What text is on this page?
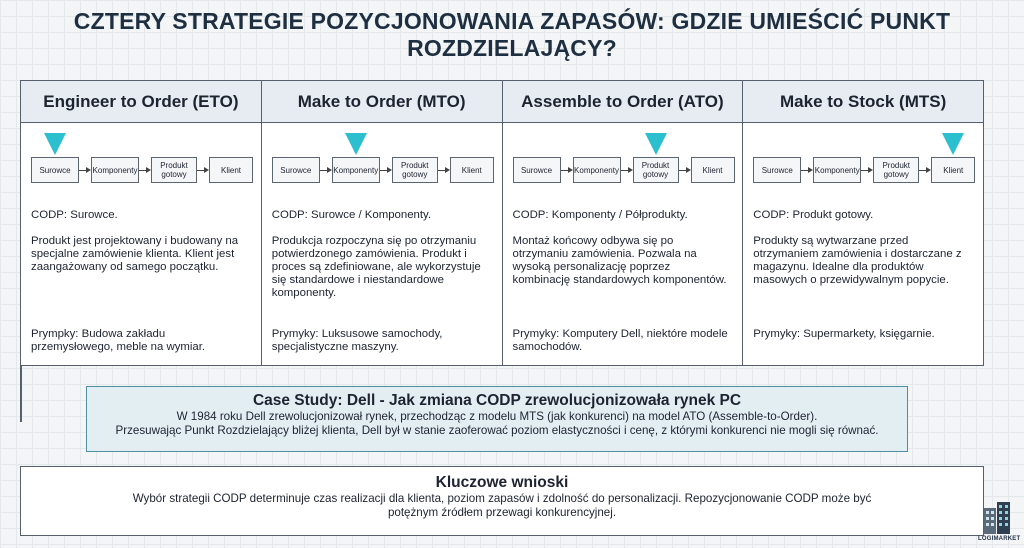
CZTERY STRATEGIE POZYCJONOWANIA ZAPASÓW: GDZIE UMIEŚCIĆ PUNKT ROZDZIELAJĄCY?
Engineer to Order (ETO)
Surowce	Komponenty	Produkt gotowy	Klient
CODP: Surowce.
Produkt jest projektowany i budowany na specjalne zamówienie klienta. Klient jest zaangażowany od samego początku.
Prympky: Budowa zakładu przemysłowego, meble na wymiar.
Make to Order (MTO)
Surowce	Komponenty	Produkt gotowy	Klient
CODP: Surowce / Komponenty.
Produkcja rozpoczyna się po otrzymaniu potwierdzonego zamówienia. Produkt i proces są zdefiniowane, ale wykorzystuje się standardowe i niestandardowe komponenty.
Prymyky: Luksusowe samochody, specjalistyczne maszyny.
Assemble to Order (ATO)
Surowce	Komponenty	Produkt gotowy	Klient
CODP: Komponenty / Półprodukty.
Montaż końcowy odbywa się po otrzymaniu zamówienia. Pozwala na wysoką personalizację poprzez kombinację standardowych komponentów.
Prymyky: Komputery Dell, niektóre modele samochodów.
Make to Stock (MTS)
Surowce	Komponenty	Produkt gotowy	Klient
CODP: Produkt gotowy.
Produkty są wytwarzane przed otrzymaniem zamówienia i dostarczane z magazynu. Idealne dla produktów masowych o przewidywalnym popycie.
Prymyky: Supermarkety, księgarnie.
Case Study: Dell - Jak zmiana CODP zrewolucjonizowała rynek PC
W 1984 roku Dell zrewolucjonizował rynek, przechodząc z modelu MTS (jak konkurenci) na model ATO (Assemble-to-Order).
Przesuwając Punkt Rozdzielający bliżej klienta, Dell był w stanie zaoferować poziom elastyczności i cenę, z którymi konkurenci nie mogli się równać.
Kluczowe wnioski
Wybór strategii CODP determinuje czas realizacji dla klienta, poziom zapasów i zdolność do personalizacji. Repozycjonowanie CODP może być potężnym źródłem przewagi konkurencyjnej.
LOGIMARKET
